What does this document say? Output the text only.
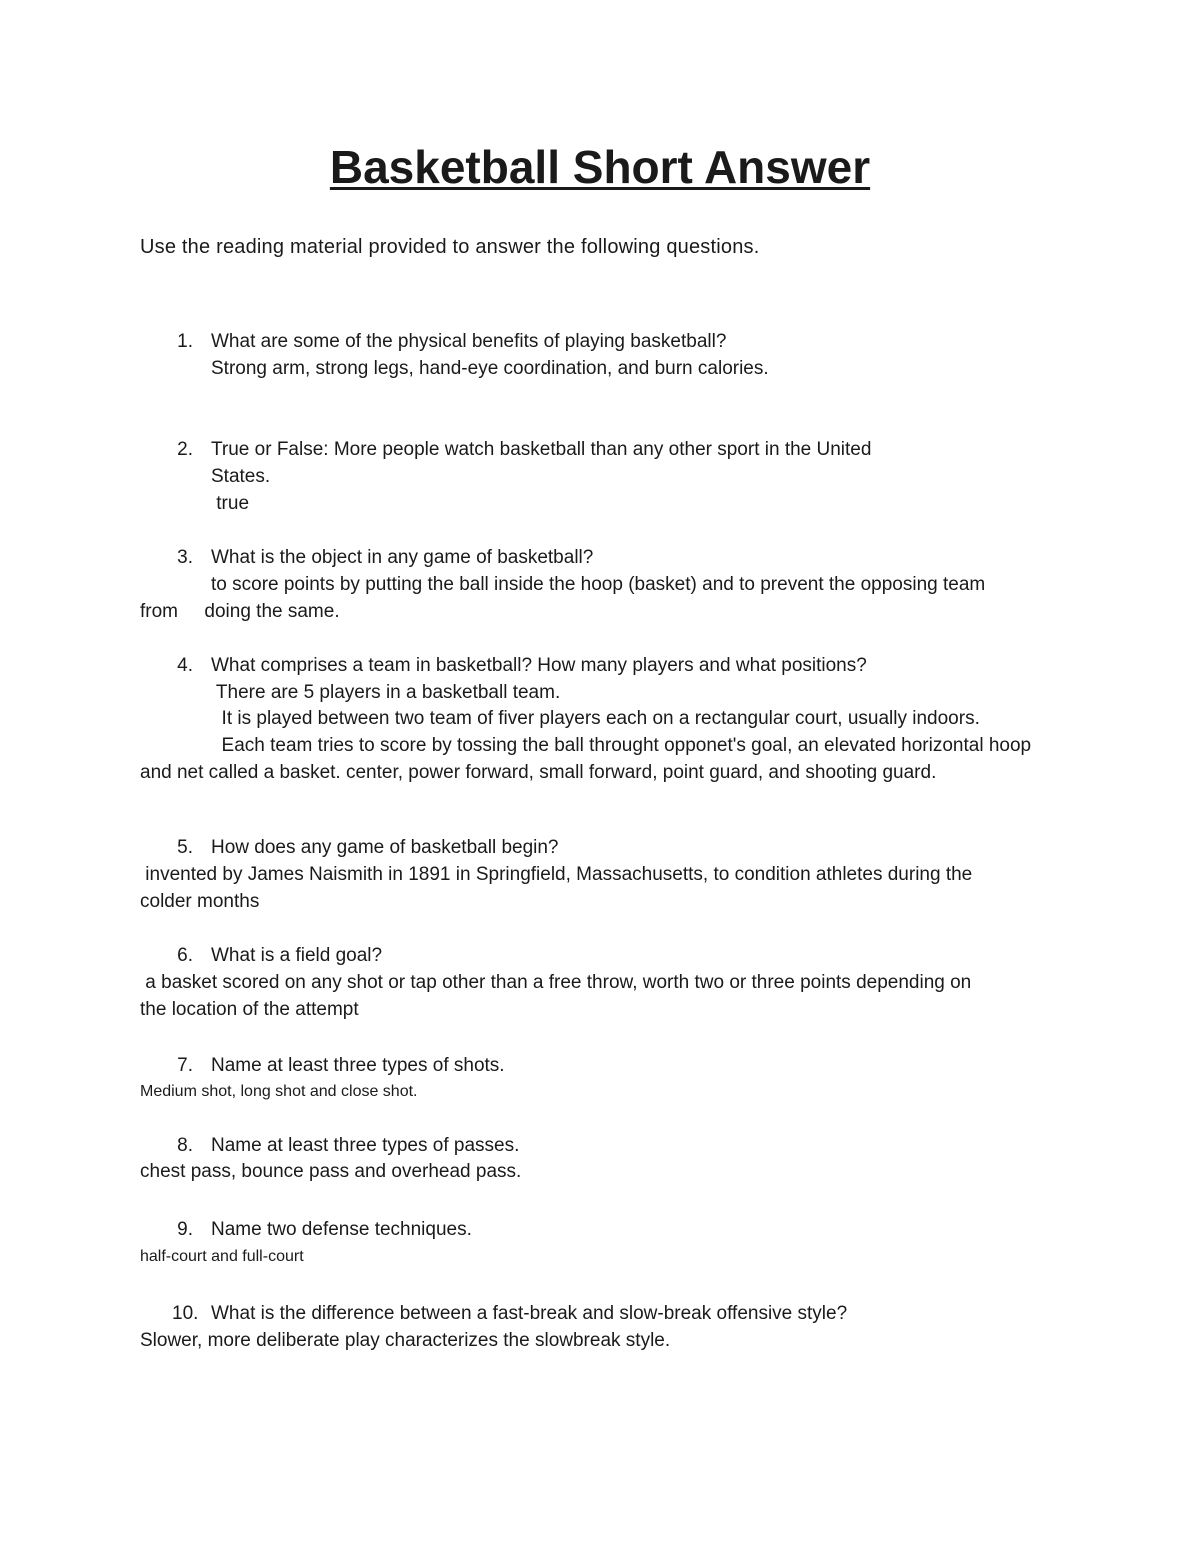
Basketball Short Answer
Use the reading material provided to answer the following questions.
1. What are some of the physical benefits of playing basketball?
Strong arm, strong legs, hand-eye coordination, and burn calories.
2. True or False: More people watch basketball than any other sport in the United
States.
true
3. What is the object in any game of basketball?
to score points by putting the ball inside the hoop (basket) and to prevent the opposing team
from     doing the same.
4. What comprises a team in basketball? How many players and what positions?
There are 5 players in a basketball team.
It is played between two team of fiver players each on a rectangular court, usually indoors.
Each team tries to score by tossing the ball throught opponet's goal, an elevated horizontal hoop
and net called a basket. center, power forward, small forward, point guard, and shooting guard.
5. How does any game of basketball begin?
invented by James Naismith in 1891 in Springfield, Massachusetts, to condition athletes during the
colder months
6. What is a field goal?
a basket scored on any shot or tap other than a free throw, worth two or three points depending on
the location of the attempt
7. Name at least three types of shots.
Medium shot, long shot and close shot.
8. Name at least three types of passes.
chest pass, bounce pass and overhead pass.
9. Name two defense techniques.
half-court and full-court
10. What is the difference between a fast-break and slow-break offensive style?
Slower, more deliberate play characterizes the slowbreak style.
